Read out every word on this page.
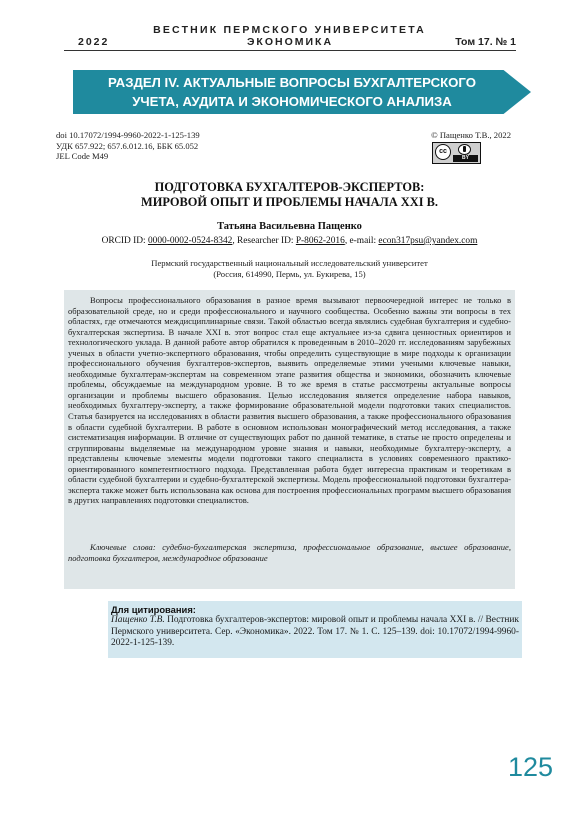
ВЕСТНИК ПЕРМСКОГО УНИВЕРСИТЕТА
2022	ЭКОНОМИКА	Том 17. № 1
РАЗДЕЛ IV. АКТУАЛЬНЫЕ ВОПРОСЫ БУХГАЛТЕРСКОГО
УЧЕТА, АУДИТА И ЭКОНОМИЧЕСКОГО АНАЛИЗА
doi 10.17072/1994-9960-2022-1-125-139
УДК 657.922; 657.6.012.16, ББК 65.052
JEL Code M49
© Пащенко Т.В., 2022
cc
BY
ПОДГОТОВКА БУХГАЛТЕРОВ-ЭКСПЕРТОВ:
МИРОВОЙ ОПЫТ И ПРОБЛЕМЫ НАЧАЛА XXI В.
Татьяна Васильевна Пащенко
ORCID ID: 0000-0002-0524-8342, Researcher ID: P-8062-2016, e-mail: econ317psu@yandex.com
Пермский государственный национальный исследовательский университет
(Россия, 614990, Пермь, ул. Букирева, 15)
Вопросы профессионального образования в разное время вызывают первоочередной интерес не только в образовательной среде, но и среди профессионального и научного сообщества. Особенно важны эти вопросы в тех областях, где отмечаются междисциплинарные связи. Такой областью всегда являлись судебная бухгалтерия и судебно-бухгалтерская экспертиза. В начале XXI в. этот вопрос стал еще актуальнее из-за сдвига ценностных ориентиров и технологического уклада. В данной работе автор обратился к проведенным в 2010–2020 гг. исследованиям зарубежных ученых в области учетно-экспертного образования, чтобы определить существующие в мире подходы к организации профессионального обучения бухгалтеров-экспертов, выявить определяемые этими учеными ключевые навыки, необходимые бухгалтерам-экспертам на современном этапе развития общества и экономики, обозначить ключевые проблемы, обсуждаемые на международном уровне. В то же время в статье рассмотрены актуальные вопросы организации и проблемы высшего образования. Целью исследования является определение набора навыков, необходимых бухгалтеру-эксперту, а также формирование образовательной модели подготовки таких специалистов. Статья базируется на исследованиях в области развития высшего образования, а также профессионального образования в области судебной бухгалтерии. В работе в основном использован монографический метод исследования, а также систематизация информации. В отличие от существующих работ по данной тематике, в статье не просто определены и сгруппированы выделяемые на международном уровне знания и навыки, необходимые бухгалтеру-эксперту, а представлены ключевые элементы модели подготовки такого специалиста в условиях современного практико-ориентированного компетентностного подхода. Представленная работа будет интересна практикам и теоретикам в области судебной бухгалтерии и судебно-бухгалтерской экспертизы. Модель профессиональной подготовки бухгалтера-эксперта также может быть использована как основа для построения профессиональных программ высшего образования в других направлениях подготовки специалистов.
Ключевые слова: судебно-бухгалтерская экспертиза, профессиональное образование, высшее образование, подготовка бухгалтеров, международное образование
Для цитирования:
Пащенко Т.В. Подготовка бухгалтеров-экспертов: мировой опыт и проблемы начала XXI в. // Вестник Пермского университета. Сер. «Экономика». 2022. Том 17. № 1. С. 125–139. doi: 10.17072/1994-9960-2022-1-125-139.
125
